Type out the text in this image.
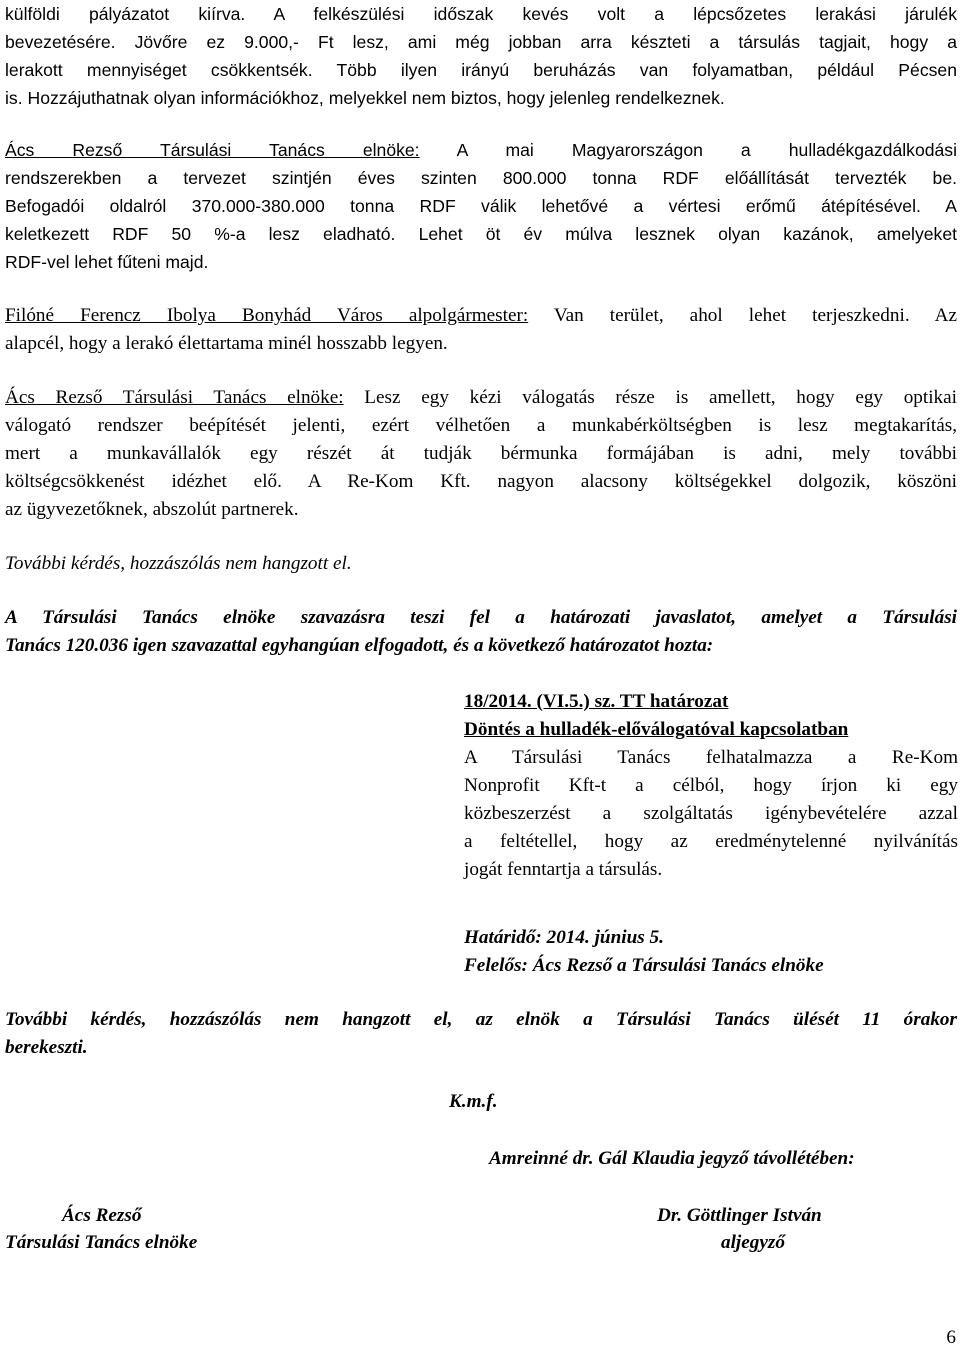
külföldi pályázatot kiírva. A felkészülési időszak kevés volt a lépcsőzetes lerakási járulék
bevezetésére. Jövőre ez 9.000,- Ft lesz, ami még jobban arra készteti a társulás tagjait, hogy a
lerakott mennyiséget csökkentsék. Több ilyen irányú beruházás van folyamatban, például Pécsen
is. Hozzájuthatnak olyan információkhoz, melyekkel nem biztos, hogy jelenleg rendelkeznek.
Ács Rezső Társulási Tanács elnöke: A mai Magyarországon a hulladékgazdálkodási
rendszerekben a tervezet szintjén éves szinten 800.000 tonna RDF előállítását tervezték be.
Befogadói oldalról 370.000-380.000 tonna RDF válik lehetővé a vértesi erőmű átépítésével. A
keletkezett RDF 50 %-a lesz eladható. Lehet öt év múlva lesznek olyan kazánok, amelyeket
RDF-vel lehet fűteni majd.
Filóné Ferencz Ibolya Bonyhád Város alpolgármester: Van terület, ahol lehet terjeszkedni. Az
alapcél, hogy a lerakó élettartama minél hosszabb legyen.
Ács Rezső Társulási Tanács elnöke: Lesz egy kézi válogatás része is amellett, hogy egy optikai
válogató rendszer beépítését jelenti, ezért vélhetően a munkabérköltségben is lesz megtakarítás,
mert a munkavállalók egy részét át tudják bérmunka formájában is adni, mely további
költségcsökkenést idézhet elő. A Re-Kom Kft. nagyon alacsony költségekkel dolgozik, köszöni
az ügyvezetőknek, abszolút partnerek.
További kérdés, hozzászólás nem hangzott el.
A Társulási Tanács elnöke szavazásra teszi fel a határozati javaslatot, amelyet a Társulási
Tanács 120.036 igen szavazattal egyhangúan elfogadott, és a következő határozatot hozta:
18/2014. (VI.5.) sz. TT határozat
Döntés a hulladék-előválogatóval kapcsolatban
A Társulási Tanács felhatalmazza a Re-Kom
Nonprofit Kft-t a célból, hogy írjon ki egy
közbeszerzést a szolgáltatás igénybevételére azzal
a feltétellel, hogy az eredménytelenné nyilvánítás
jogát fenntartja a társulás.
Határidő: 2014. június 5.
Felelős: Ács Rezső a Társulási Tanács elnöke
További kérdés, hozzászólás nem hangzott el, az elnök a Társulási Tanács ülését 11 órakor
berekeszti.
K.m.f.
Amreinné dr. Gál Klaudia jegyző távollétében:
Ács Rezső
Társulási Tanács elnöke
Dr. Göttlinger István
aljegyző
6
